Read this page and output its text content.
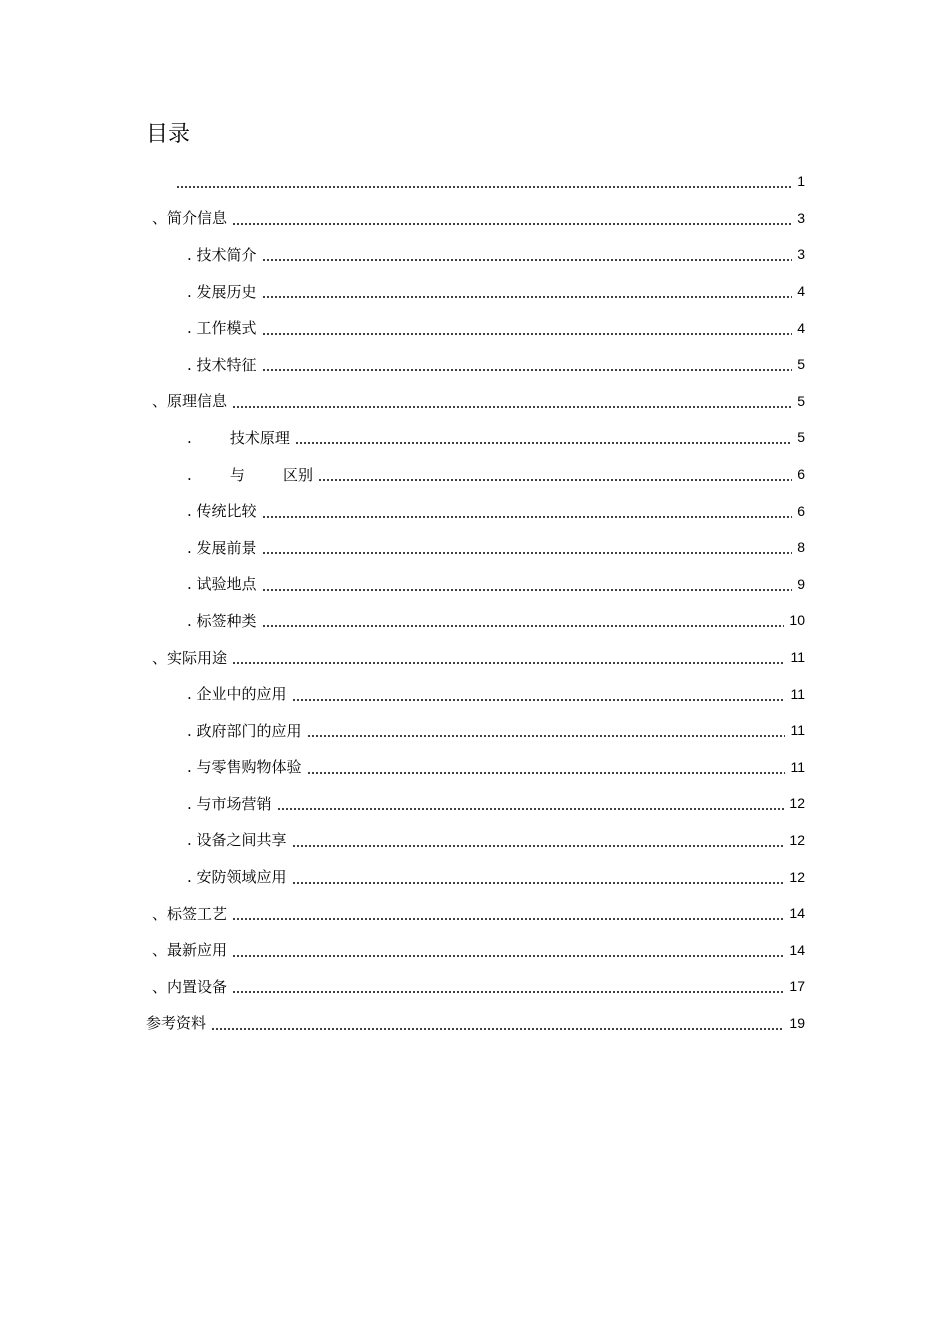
目录
1
、简介信息	3
. 技术简介	3
. 发展历史	4
. 工作模式	4
. 技术特征	5
、原理信息	5
.        技术原理	5
.        与        区别	6
. 传统比较	6
. 发展前景	8
. 试验地点	9
. 标签种类	10
、实际用途	11
. 企业中的应用	11
. 政府部门的应用	11
. 与零售购物体验	11
. 与市场营销	12
. 设备之间共享	12
. 安防领域应用	12
、标签工艺	14
、最新应用	14
、内置设备	17
参考资料	19
